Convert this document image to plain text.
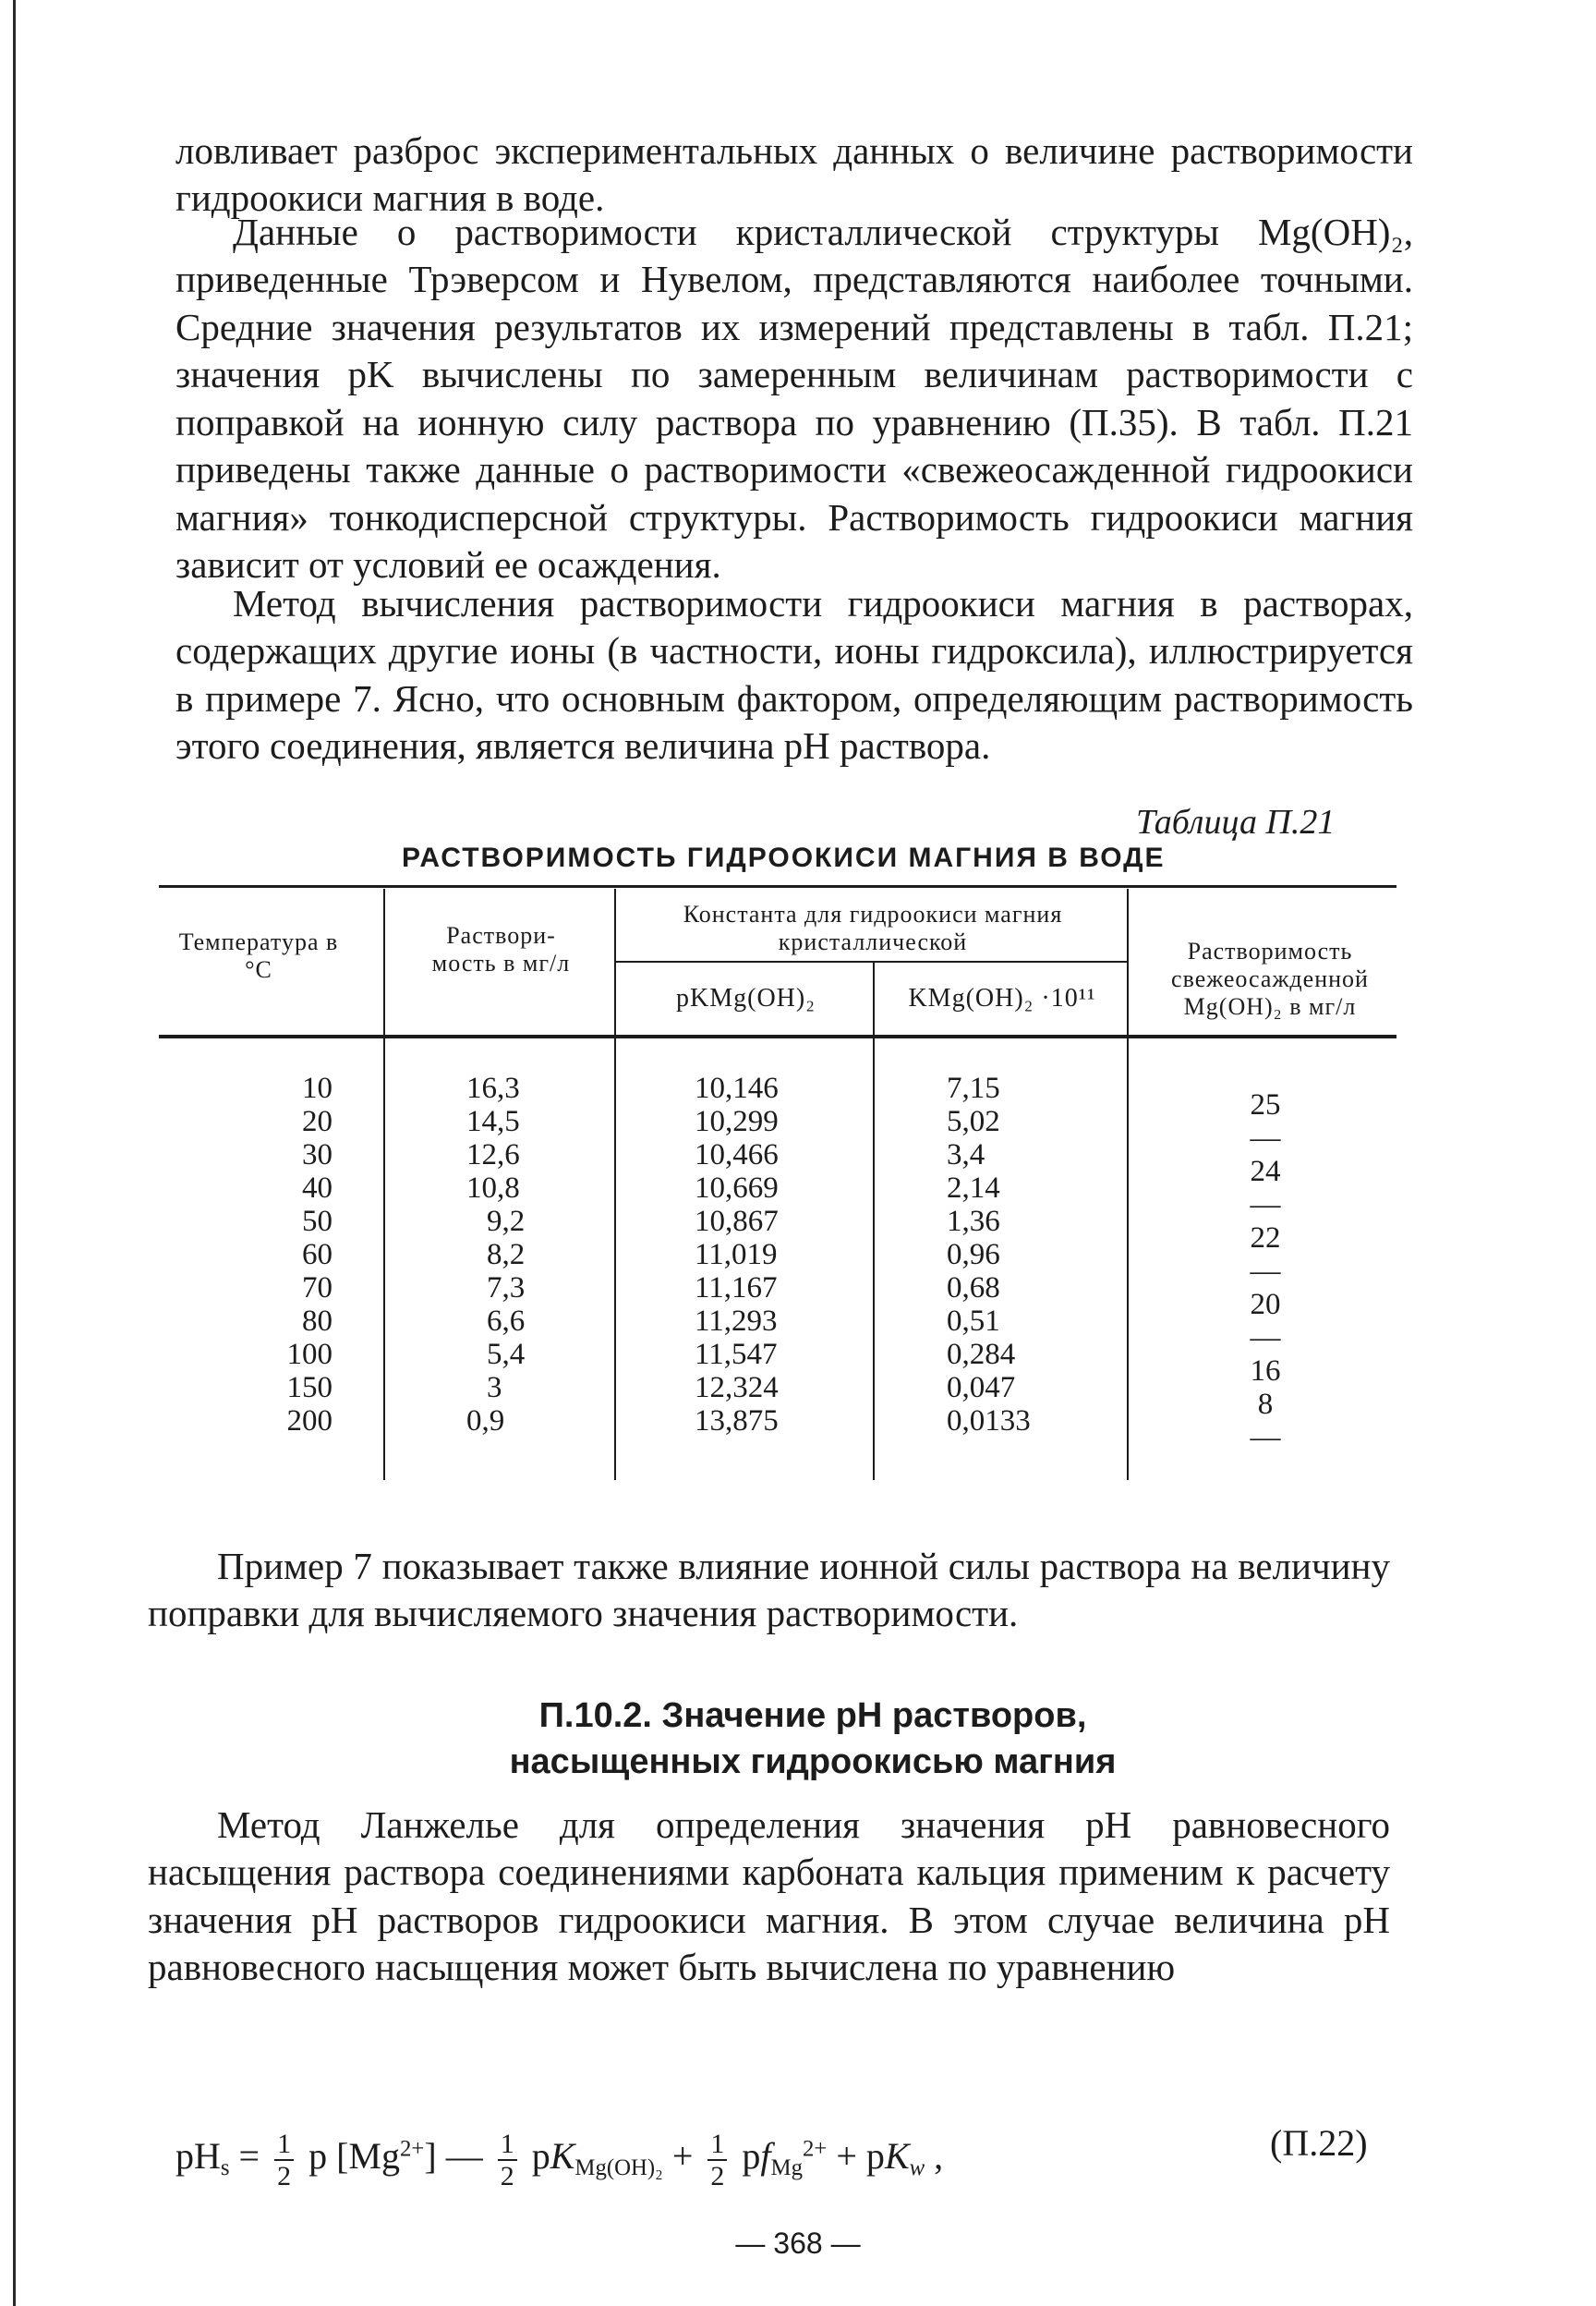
ловливает разброс экспериментальных данных о величине растворимости гидроокиси магния в воде.

Данные о растворимости кристаллической структуры Mg(OH)₂, приведенные Трэверсом и Нувелом, представляются наиболее точными. Средние значения результатов их измерений представлены в табл. П.21; значения pK вычислены по замеренным величинам растворимости с поправкой на ионную силу раствора по уравнению (П.35). В табл. П.21 приведены также данные о растворимости «свежеосажденной гидроокиси магния» тонкодисперсной структуры. Растворимость гидроокиси магния зависит от условий ее осаждения.

Метод вычисления растворимости гидроокиси магния в растворах, содержащих другие ионы (в частности, ионы гидроксила), иллюстрируется в примере 7. Ясно, что основным фактором, определяющим растворимость этого соединения, является величина pH раствора.

Таблица П.21
РАСТВОРИМОСТЬ ГИДРООКИСИ МАГНИЯ В ВОДЕ
Температура в °C
Раствори-мость в мг/л
Константа для гидроокиси магния кристаллической
pKMg(OH)₂	KMg(OH)₂ ·10¹¹
Растворимость свежеосажденной Mg(OH)₂ в мг/л
10
20
30
40
50
60
70
80
100
150
200
16,3
14,5
12,6
10,8
9,2
8,2
7,3
6,6
5,4
3
0,9
10,146
10,299
10,466
10,669
10,867
11,019
11,167
11,293
11,547
12,324
13,875
7,15
5,02
3,4
2,14
1,36
0,96
0,68
0,51
0,284
0,047
0,0133
25
—
24
—
22
—
20
—
16
8
—

Пример 7 показывает также влияние ионной силы раствора на величину поправки для вычисляемого значения растворимости.

П.10.2. Значение pH растворов, насыщенных гидроокисью магния

Метод Ланжелье для определения значения pH равновесного насыщения раствора соединениями карбоната кальция применим к расчету значения pH растворов гидроокиси магния. В этом случае величина pH равновесного насыщения может быть вычислена по уравнению

$pH_s = \frac{1}{2}$ p $[Mg^{2+}]$ — $\frac{1}{2} pK_{Mg(OH)_2} + \frac{1}{2} pf_{Mg}^{2+} + pK_w$ ,	(П.22)
— 368 —
